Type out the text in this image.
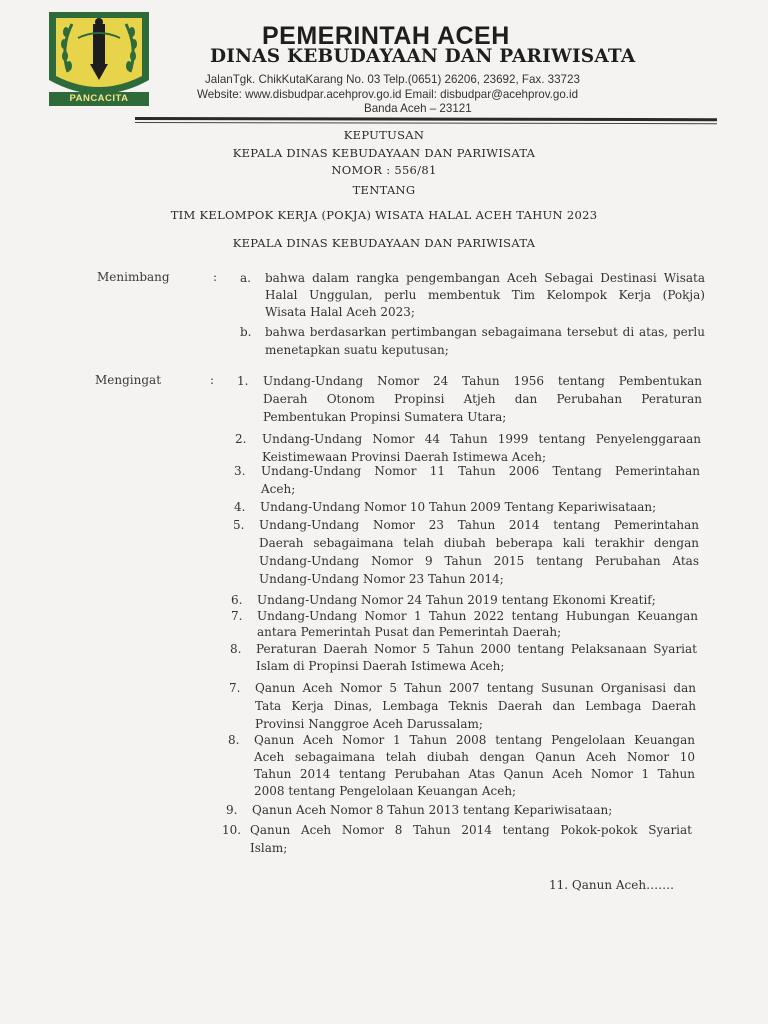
PANCACITA
PEMERINTAH ACEH
DINAS KEBUDAYAAN DAN PARIWISATA
JalanTgk. ChikKutaKarang No. 03 Telp.(0651) 26206, 23692, Fax. 33723
Website: www.disbudpar.acehprov.go.id Email: disbudpar@acehprov.go.id
Banda Aceh – 23121
KEPUTUSAN
KEPALA DINAS KEBUDAYAAN DAN PARIWISATA
NOMOR : 556/81
TENTANG
TIM KELOMPOK KERJA (POKJA) WISATA HALAL ACEH TAHUN 2023
KEPALA DINAS KEBUDAYAAN DAN PARIWISATA
Menimbang	: a. bahwa dalam rangka pengembangan Aceh Sebagai Destinasi Wisata
Halal Unggulan, perlu membentuk Tim Kelompok Kerja (Pokja)
Wisata Halal Aceh 2023;
b. bahwa berdasarkan pertimbangan sebagaimana tersebut di atas, perlu
menetapkan suatu keputusan;
Mengingat	: 1. Undang-Undang Nomor 24 Tahun 1956 tentang Pembentukan
Daerah Otonom Propinsi Atjeh dan Perubahan Peraturan
Pembentukan Propinsi Sumatera Utara;
2. Undang-Undang Nomor 44 Tahun 1999 tentang Penyelenggaraan
Keistimewaan Provinsi Daerah Istimewa Aceh;
3. Undang-Undang Nomor 11 Tahun 2006 Tentang Pemerintahan
Aceh;
4. Undang-Undang Nomor 10 Tahun 2009 Tentang Kepariwisataan;
5. Undang-Undang Nomor 23 Tahun 2014 tentang Pemerintahan
Daerah sebagaimana telah diubah beberapa kali terakhir dengan
Undang-Undang Nomor 9 Tahun 2015 tentang Perubahan Atas
Undang-Undang Nomor 23 Tahun 2014;
6. Undang-Undang Nomor 24 Tahun 2019 tentang Ekonomi Kreatif;
7. Undang-Undang Nomor 1 Tahun 2022 tentang Hubungan Keuangan
antara Pemerintah Pusat dan Pemerintah Daerah;
8. Peraturan Daerah Nomor 5 Tahun 2000 tentang Pelaksanaan Syariat
Islam di Propinsi Daerah Istimewa Aceh;
7. Qanun Aceh Nomor 5 Tahun 2007 tentang Susunan Organisasi dan
Tata Kerja Dinas, Lembaga Teknis Daerah dan Lembaga Daerah
Provinsi Nanggroe Aceh Darussalam;
8. Qanun Aceh Nomor 1 Tahun 2008 tentang Pengelolaan Keuangan
Aceh sebagaimana telah diubah dengan Qanun Aceh Nomor 10
Tahun 2014 tentang Perubahan Atas Qanun Aceh Nomor 1 Tahun
2008 tentang Pengelolaan Keuangan Aceh;
9. Qanun Aceh Nomor 8 Tahun 2013 tentang Kepariwisataan;
10. Qanun Aceh Nomor 8 Tahun 2014 tentang Pokok-pokok Syariat
Islam;
11. Qanun Aceh…….
